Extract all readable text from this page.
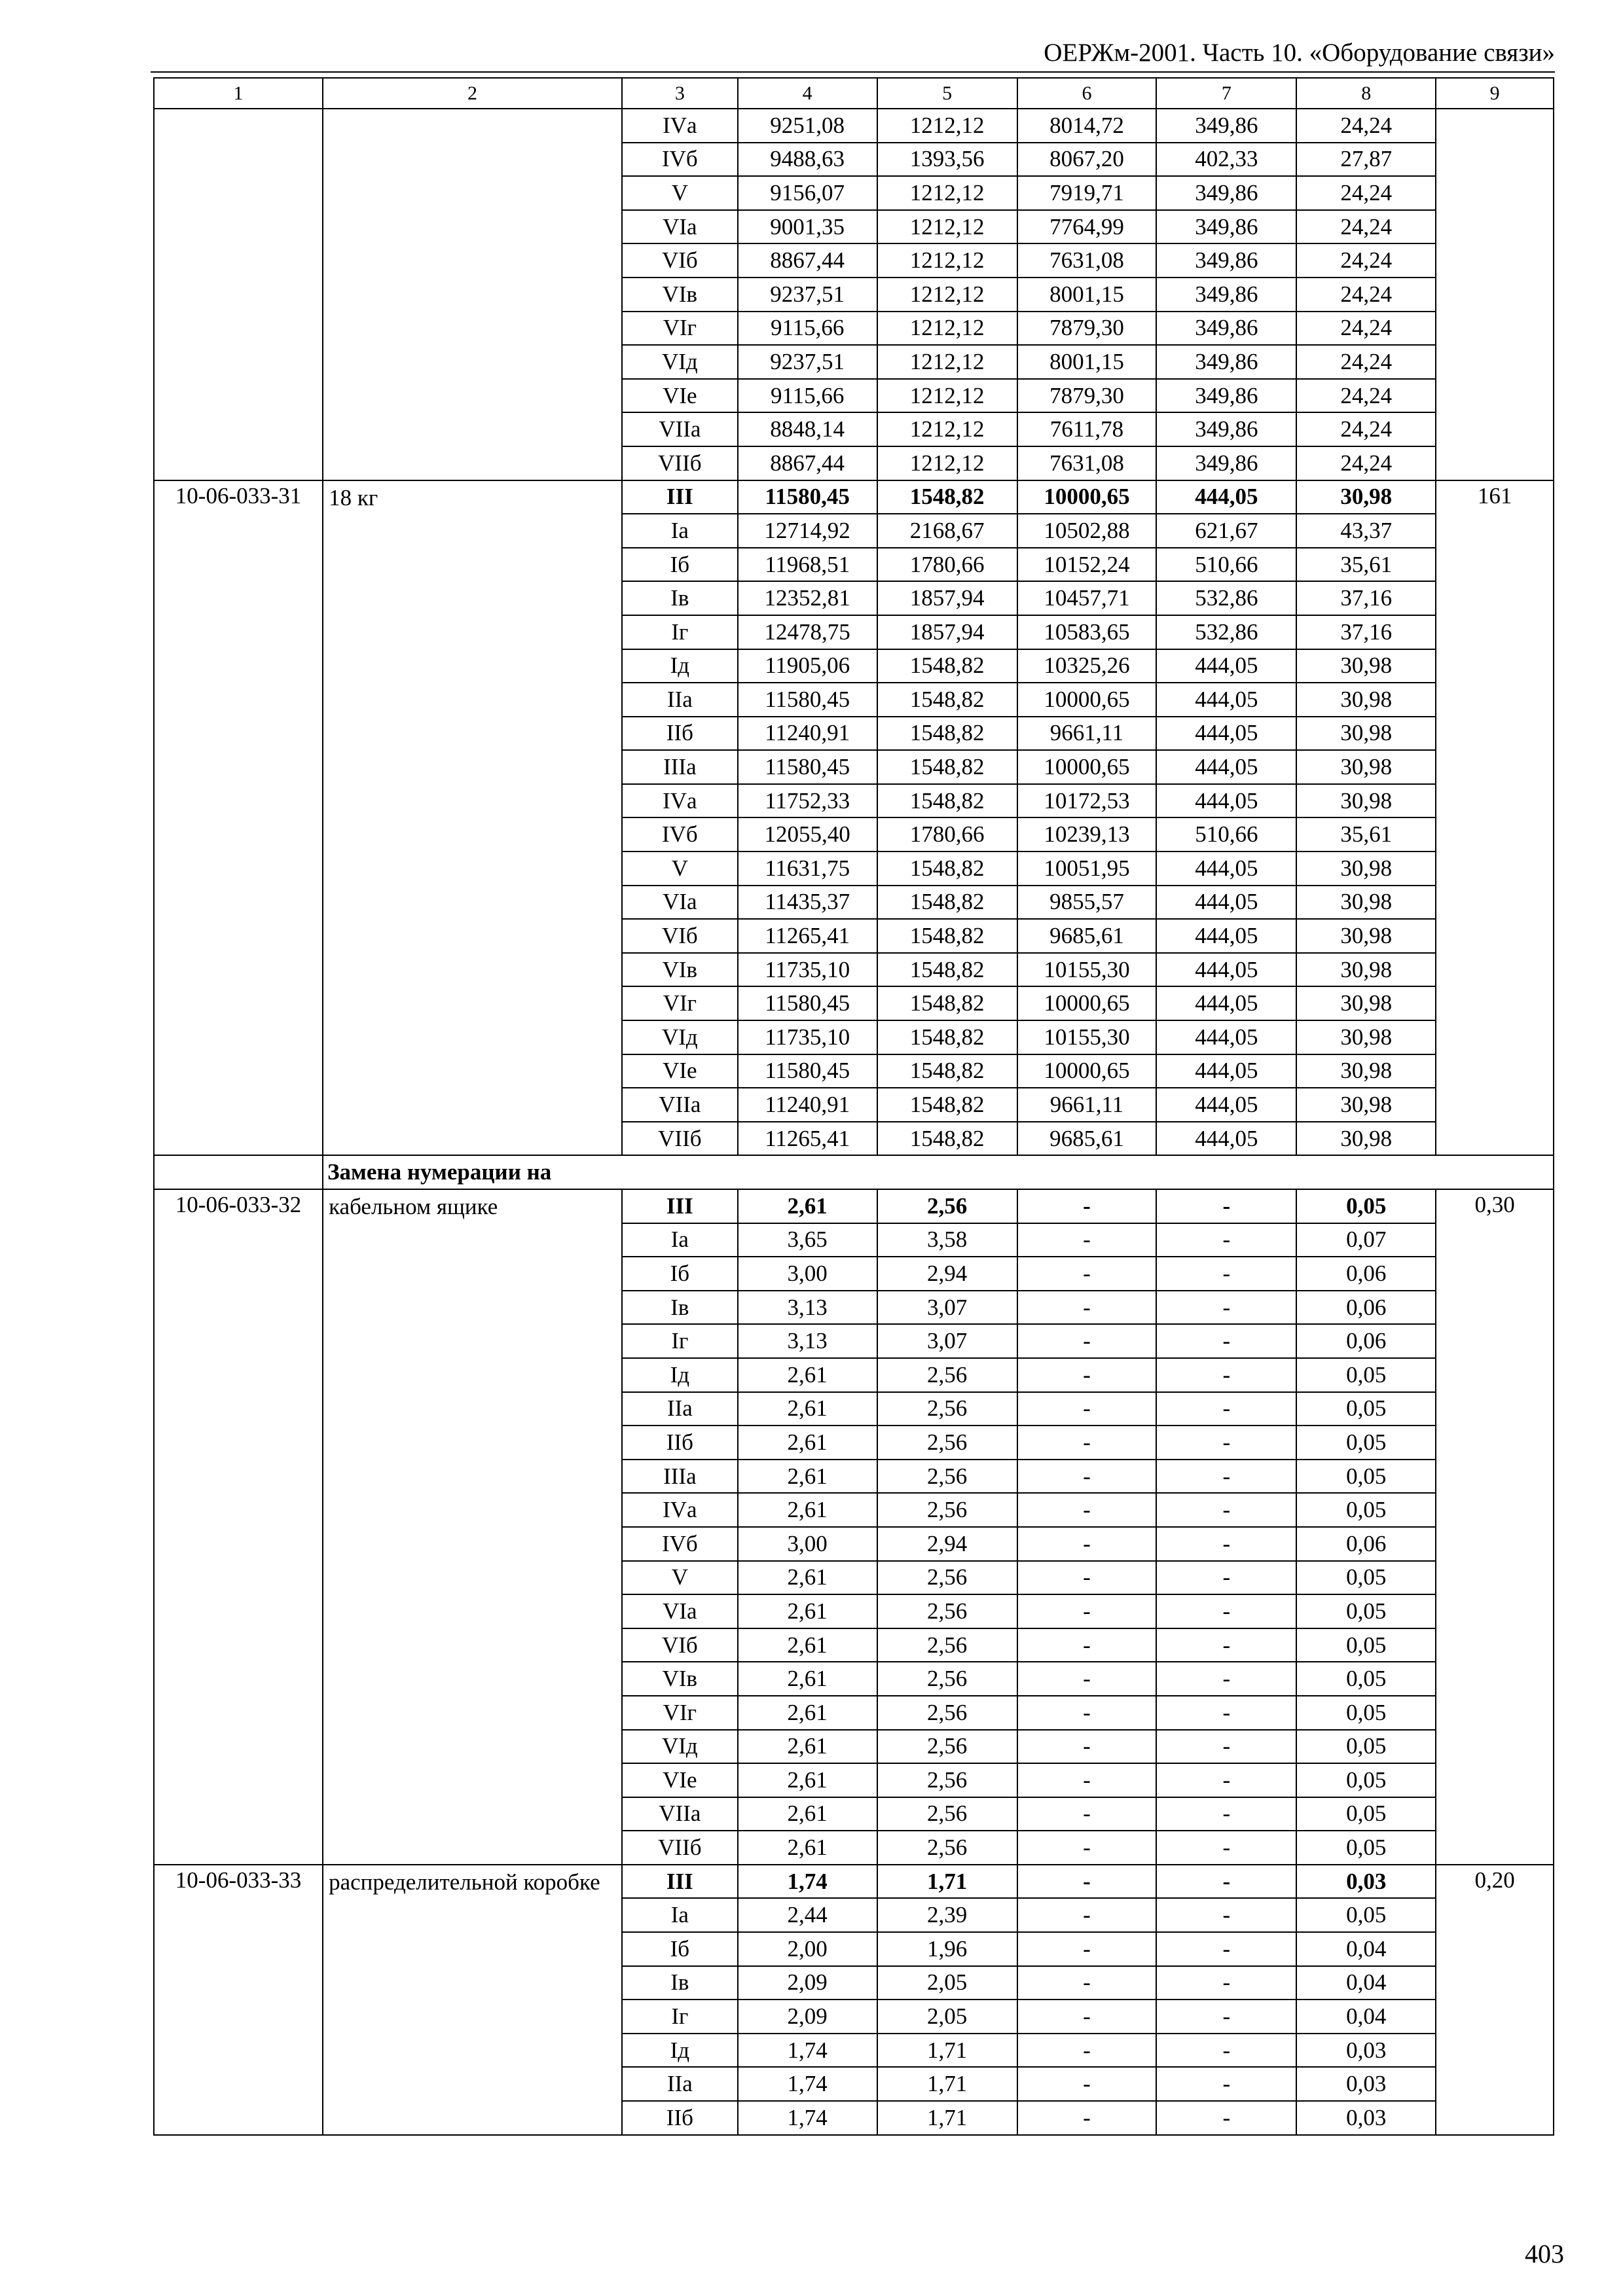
ОЕРЖм-2001. Часть 10. «Оборудование связи»
1	2	3	4	5	6	7	8	9
		IVа	9251,08	1212,12	8014,72	349,86	24,24	
		IVб	9488,63	1393,56	8067,20	402,33	27,87	
		V	9156,07	1212,12	7919,71	349,86	24,24	
		VIа	9001,35	1212,12	7764,99	349,86	24,24	
		VIб	8867,44	1212,12	7631,08	349,86	24,24	
		VIв	9237,51	1212,12	8001,15	349,86	24,24	
		VIг	9115,66	1212,12	7879,30	349,86	24,24	
		VIд	9237,51	1212,12	8001,15	349,86	24,24	
		VIе	9115,66	1212,12	7879,30	349,86	24,24	
		VIIа	8848,14	1212,12	7611,78	349,86	24,24	
		VIIб	8867,44	1212,12	7631,08	349,86	24,24	
10-06-033-31	18 кг	III	11580,45	1548,82	10000,65	444,05	30,98	161
		Iа	12714,92	2168,67	10502,88	621,67	43,37	
		Iб	11968,51	1780,66	10152,24	510,66	35,61	
		Iв	12352,81	1857,94	10457,71	532,86	37,16	
		Iг	12478,75	1857,94	10583,65	532,86	37,16	
		Iд	11905,06	1548,82	10325,26	444,05	30,98	
		IIа	11580,45	1548,82	10000,65	444,05	30,98	
		IIб	11240,91	1548,82	9661,11	444,05	30,98	
		IIIа	11580,45	1548,82	10000,65	444,05	30,98	
		IVа	11752,33	1548,82	10172,53	444,05	30,98	
		IVб	12055,40	1780,66	10239,13	510,66	35,61	
		V	11631,75	1548,82	10051,95	444,05	30,98	
		VIа	11435,37	1548,82	9855,57	444,05	30,98	
		VIб	11265,41	1548,82	9685,61	444,05	30,98	
		VIв	11735,10	1548,82	10155,30	444,05	30,98	
		VIг	11580,45	1548,82	10000,65	444,05	30,98	
		VIд	11735,10	1548,82	10155,30	444,05	30,98	
		VIе	11580,45	1548,82	10000,65	444,05	30,98	
		VIIа	11240,91	1548,82	9661,11	444,05	30,98	
		VIIб	11265,41	1548,82	9685,61	444,05	30,98	
	Замена нумерации на							
10-06-033-32	кабельном ящике	III	2,61	2,56	-	-	0,05	0,30
		Iа	3,65	3,58	-	-	0,07	
		Iб	3,00	2,94	-	-	0,06	
		Iв	3,13	3,07	-	-	0,06	
		Iг	3,13	3,07	-	-	0,06	
		Iд	2,61	2,56	-	-	0,05	
		IIа	2,61	2,56	-	-	0,05	
		IIб	2,61	2,56	-	-	0,05	
		IIIа	2,61	2,56	-	-	0,05	
		IVа	2,61	2,56	-	-	0,05	
		IVб	3,00	2,94	-	-	0,06	
		V	2,61	2,56	-	-	0,05	
		VIа	2,61	2,56	-	-	0,05	
		VIб	2,61	2,56	-	-	0,05	
		VIв	2,61	2,56	-	-	0,05	
		VIг	2,61	2,56	-	-	0,05	
		VIд	2,61	2,56	-	-	0,05	
		VIе	2,61	2,56	-	-	0,05	
		VIIа	2,61	2,56	-	-	0,05	
		VIIб	2,61	2,56	-	-	0,05	
10-06-033-33	распределительной коробке	III	1,74	1,71	-	-	0,03	0,20
		Iа	2,44	2,39	-	-	0,05	
		Iб	2,00	1,96	-	-	0,04	
		Iв	2,09	2,05	-	-	0,04	
		Iг	2,09	2,05	-	-	0,04	
		Iд	1,74	1,71	-	-	0,03	
		IIа	1,74	1,71	-	-	0,03	
		IIб	1,74	1,71	-	-	0,03	
403
